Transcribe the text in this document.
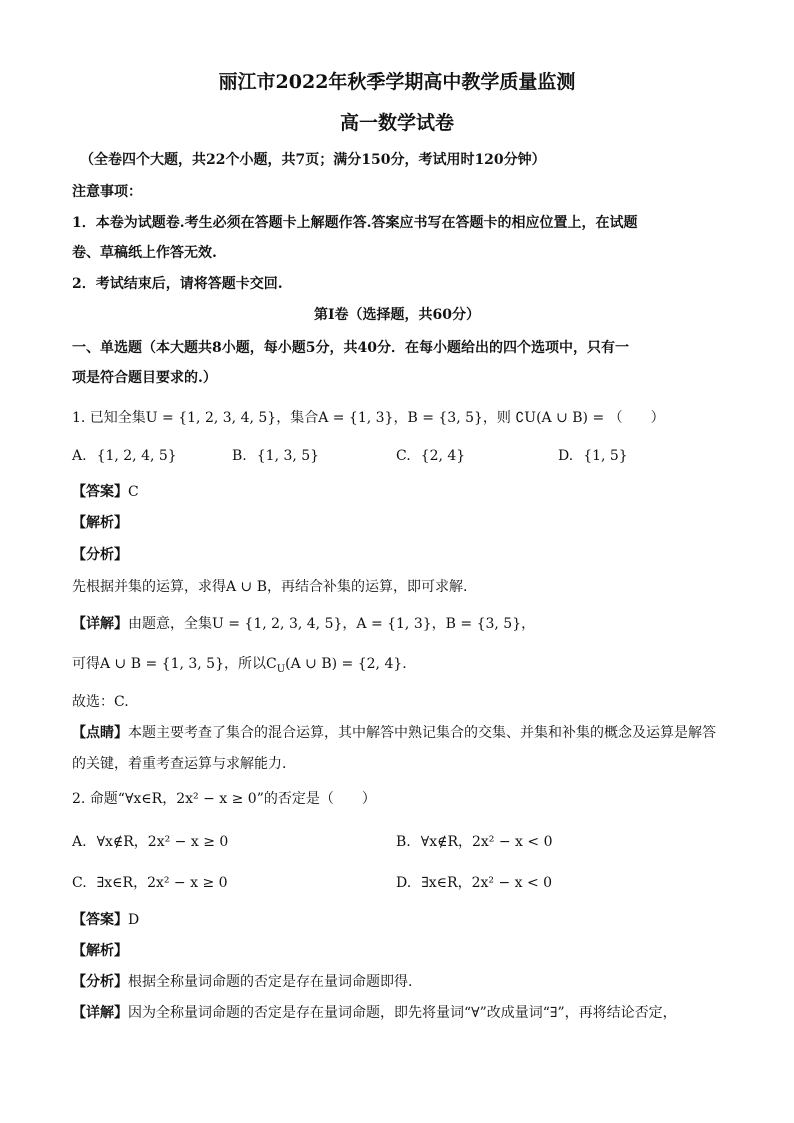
丽江市2022年秋季学期高中教学质量监测
高一数学试卷
（全卷四个大题，共22个小题，共7页；满分150分，考试用时120分钟）
注意事项：
1．本卷为试题卷.考生必须在答题卡上解题作答.答案应书写在答题卡的相应位置上，在试题
卷、草稿纸上作答无效.
2．考试结束后，请将答题卡交回.
第Ⅰ卷（选择题，共60分）
一、单选题（本大题共8小题，每小题5分，共40分．在每小题给出的四个选项中，只有一
项是符合题目要求的.）
1. 已知全集U = {1, 2, 3, 4, 5}，集合A = {1, 3}，B = {3, 5}，则 ∁U(A ∪ B) = （　　）
A. {1, 2, 4, 5}	B. {1, 3, 5}	C. {2, 4}	D. {1, 5}
【答案】C
【解析】
【分析】
先根据并集的运算，求得A ∪ B，再结合补集的运算，即可求解.
【详解】由题意，全集U = {1, 2, 3, 4, 5}，A = {1, 3}，B = {3, 5}，
可得A ∪ B = {1, 3, 5}，所以$C_U(A$ ∪ B) = {2, 4}.
故选：C.
【点睛】本题主要考查了集合的混合运算，其中解答中熟记集合的交集、并集和补集的概念及运算是解答
的关键，着重考查运算与求解能力.
2. 命题“∀x∈R，2x² − x ≥ 0”的否定是（　　）
A. ∀x∉R，2x² − x ≥ 0	B. ∀x∉R，2x² − x < 0
C. ∃x∈R，2x² − x ≥ 0	D. ∃x∈R，2x² − x < 0
【答案】D
【解析】
【分析】根据全称量词命题的否定是存在量词命题即得.
【详解】因为全称量词命题的否定是存在量词命题，即先将量词“∀”改成量词“∃”，再将结论否定，
